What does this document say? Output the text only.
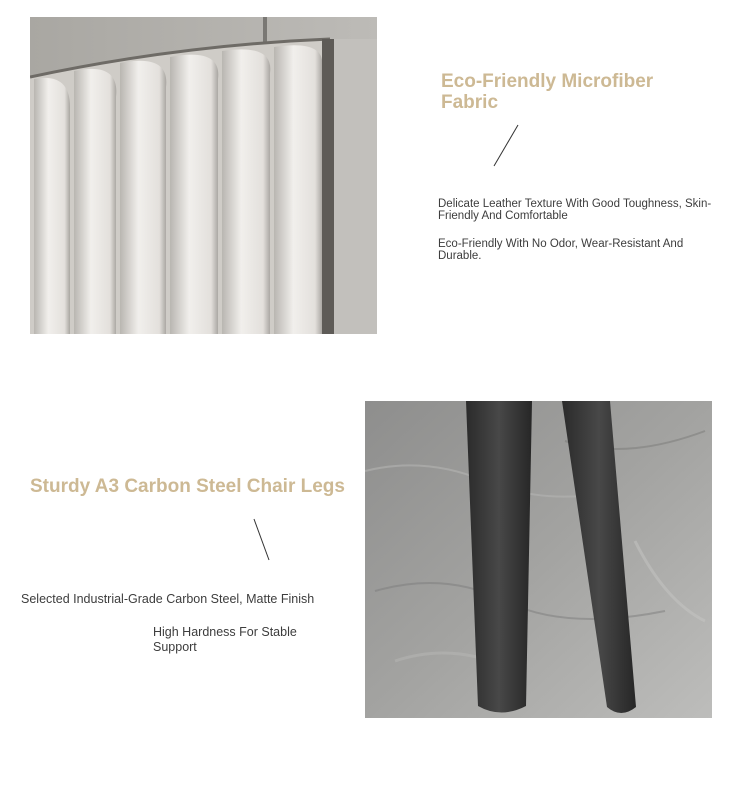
Eco-Friendly Microfiber Fabric

Delicate Leather Texture With Good Toughness, Skin-Friendly And Comfortable

Eco-Friendly With No Odor, Wear-Resistant And Durable.

Sturdy A3 Carbon Steel Chair Legs

Selected Industrial-Grade Carbon Steel, Matte Finish

High Hardness For Stable Support
